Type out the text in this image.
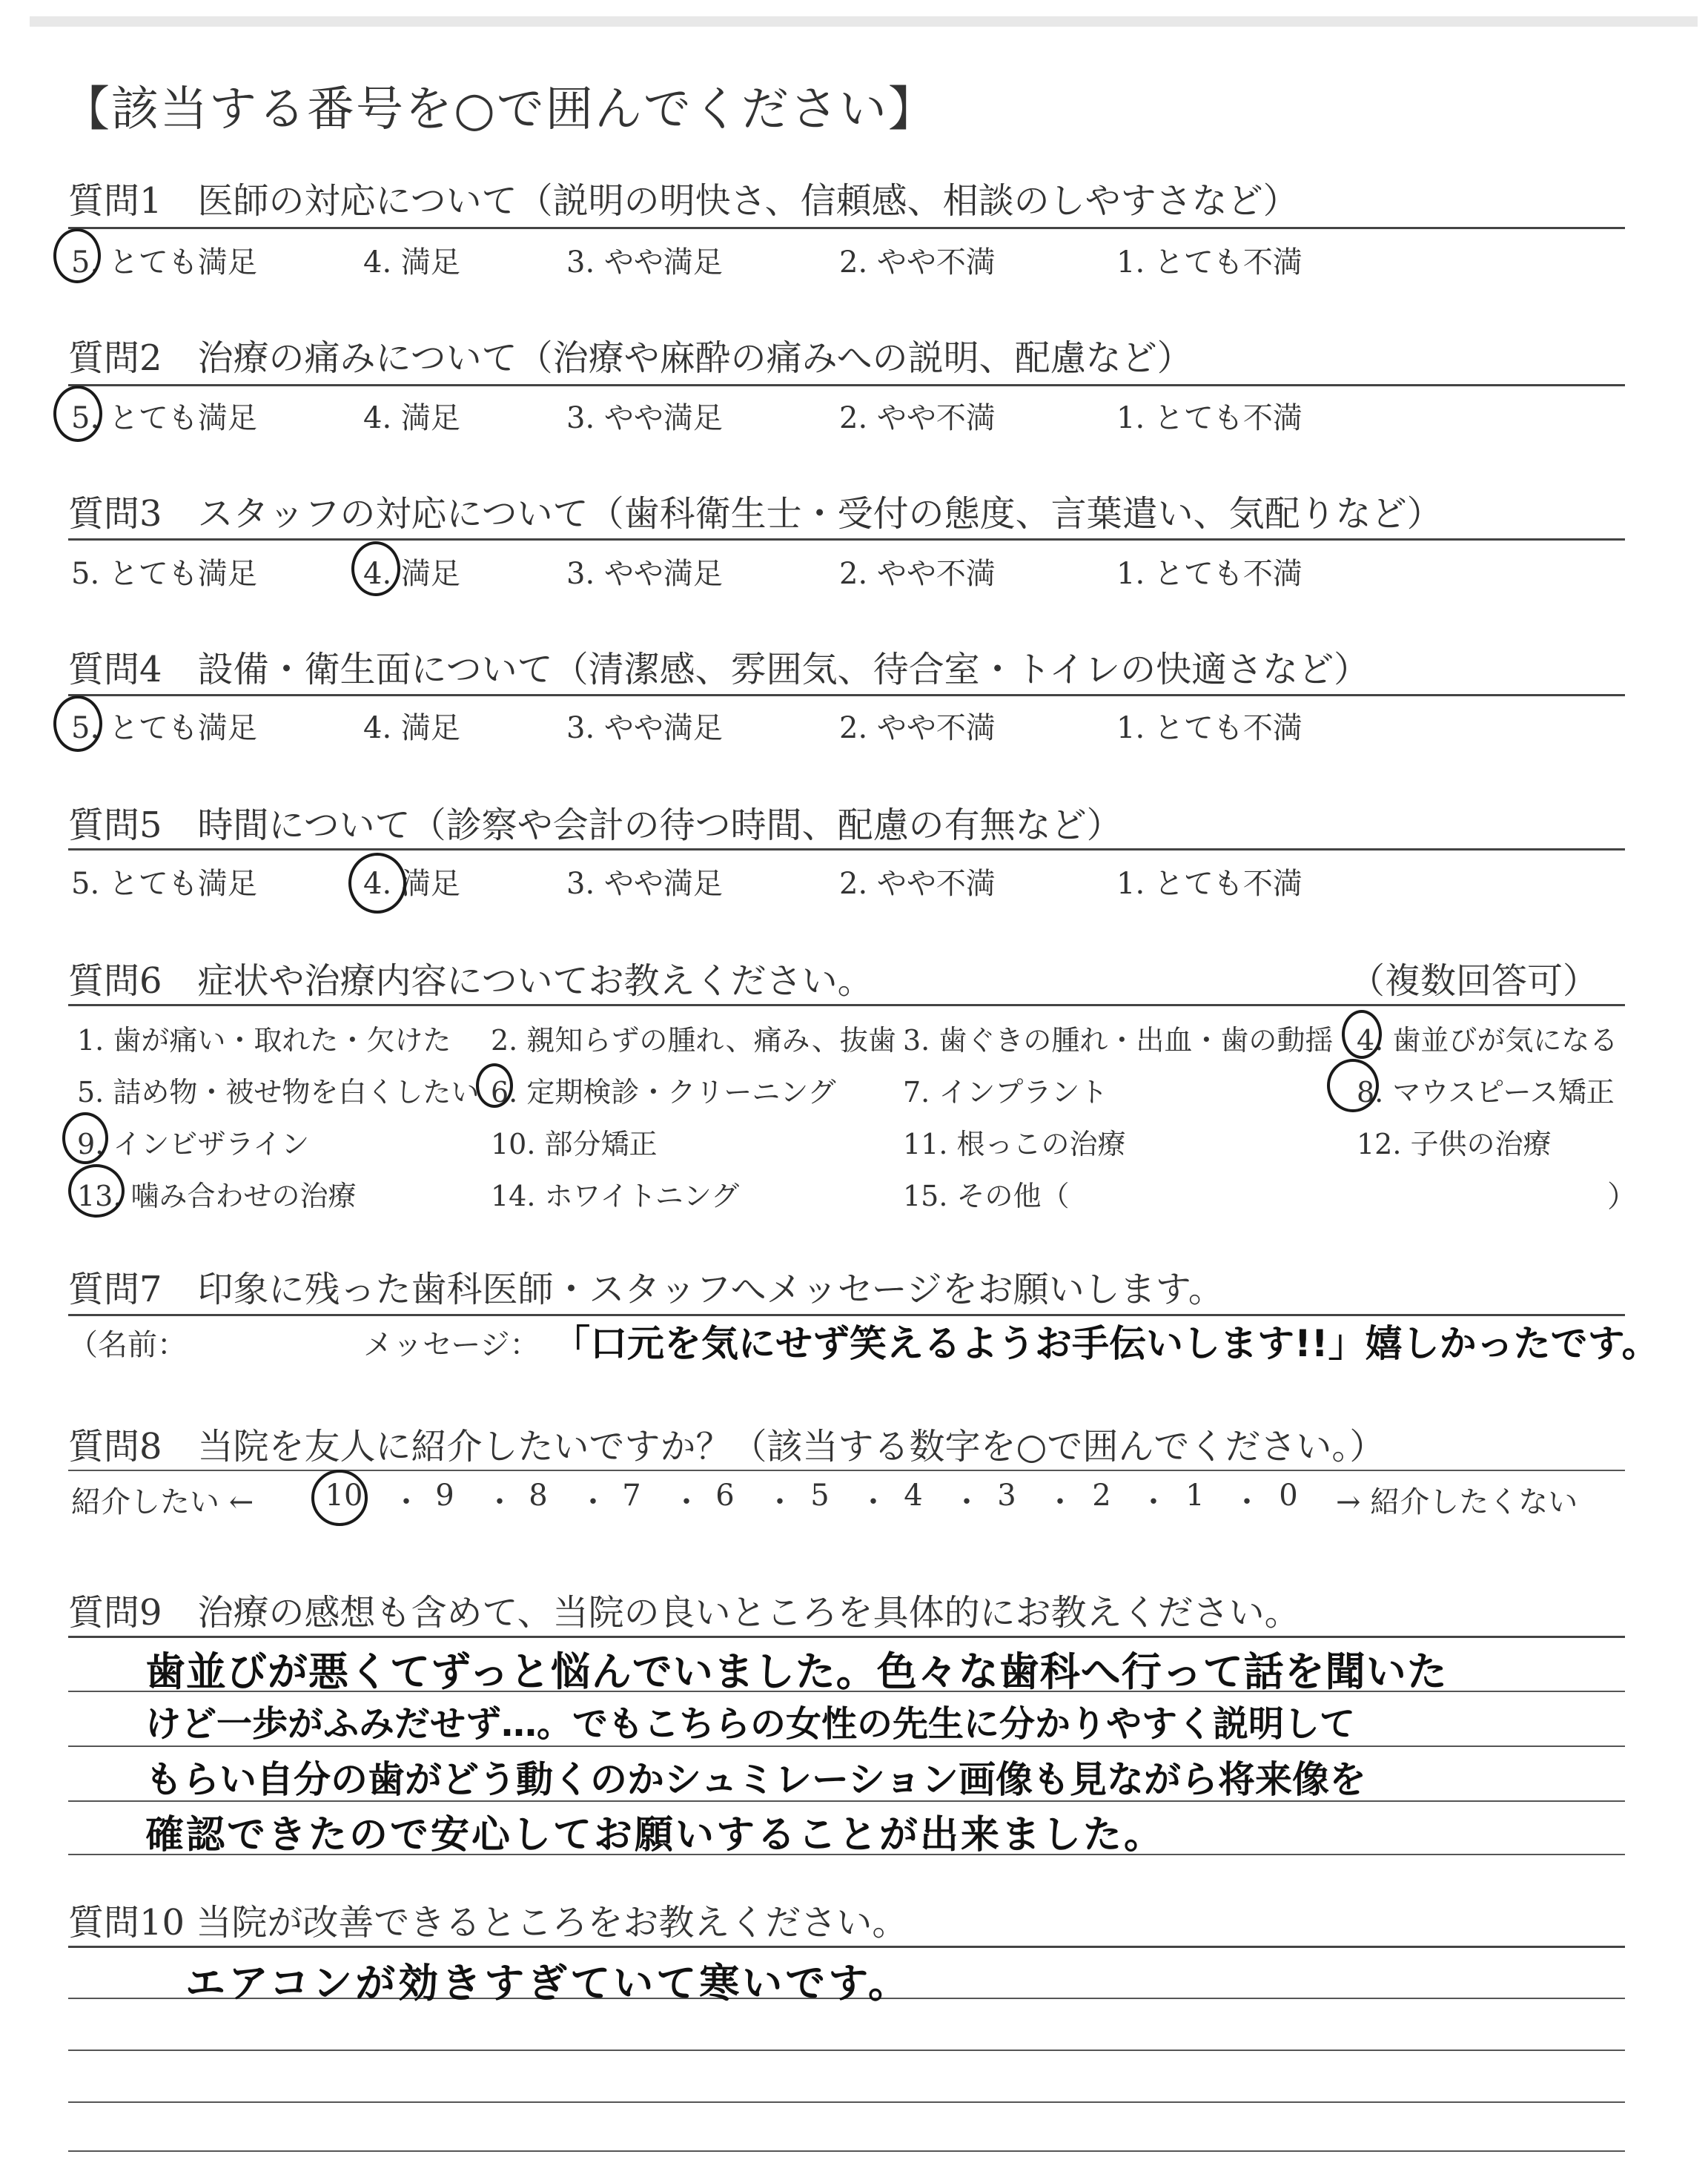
【該当する番号を○で囲んでください】
質問1　医師の対応について（説明の明快さ、信頼感、相談のしやすさなど）
5. とても満足	4. 満足	3. やや満足	2. やや不満	1. とても不満
質問2　治療の痛みについて（治療や麻酔の痛みへの説明、配慮など）
5. とても満足	4. 満足	3. やや満足	2. やや不満	1. とても不満
質問3　スタッフの対応について（歯科衛生士・受付の態度、言葉遣い、気配りなど）
5. とても満足	4. 満足	3. やや満足	2. やや不満	1. とても不満
質問4　設備・衛生面について（清潔感、雰囲気、待合室・トイレの快適さなど）
5. とても満足	4. 満足	3. やや満足	2. やや不満	1. とても不満
質問5　時間について（診察や会計の待つ時間、配慮の有無など）
5. とても満足	4. 満足	3. やや満足	2. やや不満	1. とても不満
質問6　症状や治療内容についてお教えください。	（複数回答可）
1. 歯が痛い・取れた・欠けた 2. 親知らずの腫れ、痛み、抜歯 3. 歯ぐきの腫れ・出血・歯の動揺 4. 歯並びが気になる
5. 詰め物・被せ物を白くしたい 6. 定期検診・クリーニング 7. インプラント	8. マウスピース矯正
9. インビザライン	10. 部分矯正	11. 根っこの治療	12. 子供の治療
13. 噛み合わせの治療	14. ホワイトニング	15. その他（	）
質問7　印象に残った歯科医師・スタッフへメッセージをお願いします。
（名前：	メッセージ： 「口元を気にせず笑えるようお手伝いします!!」嬉しかったです。
質問8　当院を友人に紹介したいですか？（該当する数字を○で囲んでください。）
紹介したい ← 10 ・ 9 ・ 8 ・ 7 ・ 6 ・ 5 ・ 4 ・ 3 ・ 2 ・ 1 ・ 0 → 紹介したくない
質問9　治療の感想も含めて、当院の良いところを具体的にお教えください。
歯並びが悪くてずっと悩んでいました。色々な歯科へ行って話を聞いた
けど一歩がふみだせず…。でもこちらの女性の先生に分かりやすく説明して
もらい自分の歯がどう動くのかシュミレーション画像も見ながら将来像を
確認できたので安心してお願いすることが出来ました。
質問10 当院が改善できるところをお教えください。
エアコンが効きすぎていて寒いです。
